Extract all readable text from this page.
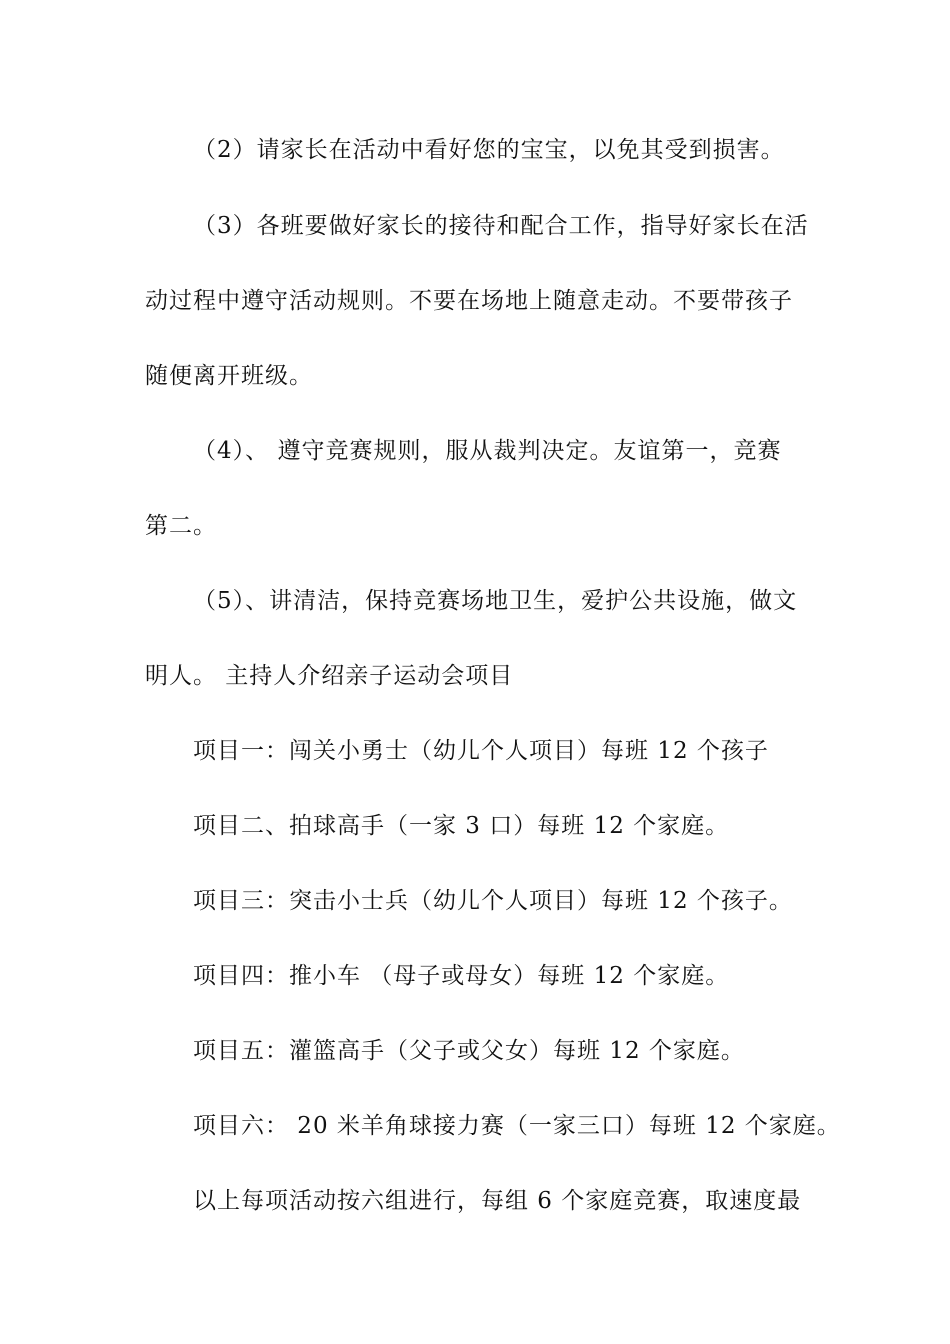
（2）请家长在活动中看好您的宝宝，以免其受到损害。
（3）各班要做好家长的接待和配合工作，指导好家长在活
动过程中遵守活动规则。不要在场地上随意走动。不要带孩子
随便离开班级。
（4）、 遵守竞赛规则，服从裁判决定。友谊第一，竞赛
第二。
（5）、讲清洁，保持竞赛场地卫生，爱护公共设施，做文
明人。 主持人介绍亲子运动会项目
项目一：闯关小勇士（幼儿个人项目）每班 12 个孩子
项目二、拍球高手（一家 3 口）每班 12 个家庭。
项目三：突击小士兵（幼儿个人项目）每班 12 个孩子。
项目四：推小车 （母子或母女）每班 12 个家庭。
项目五：灌篮高手（父子或父女）每班 12 个家庭。
项目六： 20 米羊角球接力赛（一家三口）每班 12 个家庭。
以上每项活动按六组进行，每组 6 个家庭竞赛，取速度最
